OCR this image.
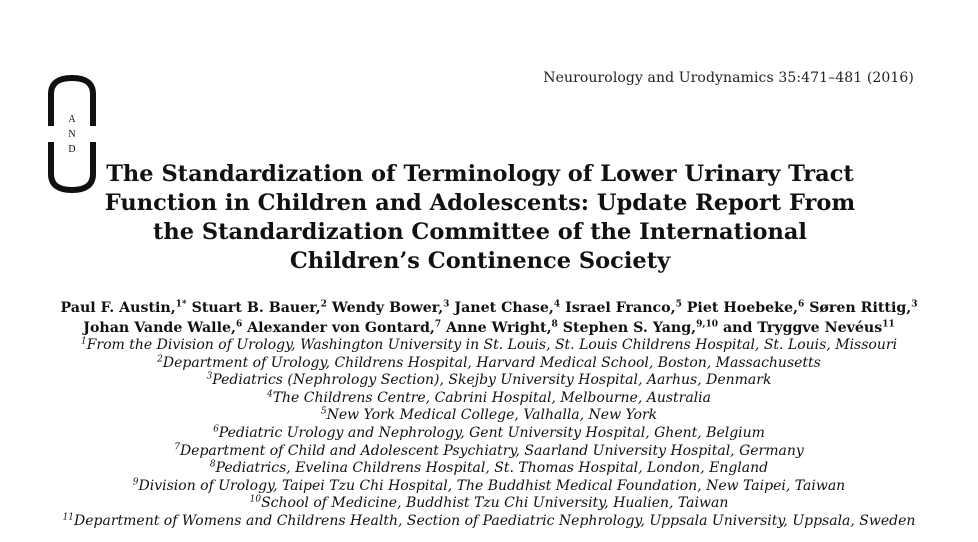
A
N
D
Neurourology and Urodynamics 35:471–481 (2016)
The Standardization of Terminology of Lower Urinary Tract
Function in Children and Adolescents: Update Report From
the Standardization Committee of the International
Children’s Continence Society
Paul F. Austin,$^{1*}$ Stuart B. Bauer,$^2$ Wendy Bower,$^3$ Janet Chase,$^4$ Israel Franco,$^5$ Piet Hoebeke,$^6$ Søren Rittig,$^3$
Johan Vande Walle,$^6$ Alexander von Gontard,$^7$ Anne Wright,$^8$ Stephen S. Yang,$^{9,10}$ and Tryggve Nevéus$^{11}$
$^1$From the Division of Urology, Washington University in St. Louis, St. Louis Childrens Hospital, St. Louis, Missouri
$^2$Department of Urology, Childrens Hospital, Harvard Medical School, Boston, Massachusetts
$^3$Pediatrics (Nephrology Section), Skejby University Hospital, Aarhus, Denmark
$^4$The Childrens Centre, Cabrini Hospital, Melbourne, Australia
$^5$New York Medical College, Valhalla, New York
$^6$Pediatric Urology and Nephrology, Gent University Hospital, Ghent, Belgium
$^7$Department of Child and Adolescent Psychiatry, Saarland University Hospital, Germany
$^8$Pediatrics, Evelina Childrens Hospital, St. Thomas Hospital, London, England
$^9$Division of Urology, Taipei Tzu Chi Hospital, The Buddhist Medical Foundation, New Taipei, Taiwan
$^{10}$School of Medicine, Buddhist Tzu Chi University, Hualien, Taiwan
$^{11}$Department of Womens and Childrens Health, Section of Paediatric Nephrology, Uppsala University, Uppsala, Sweden
